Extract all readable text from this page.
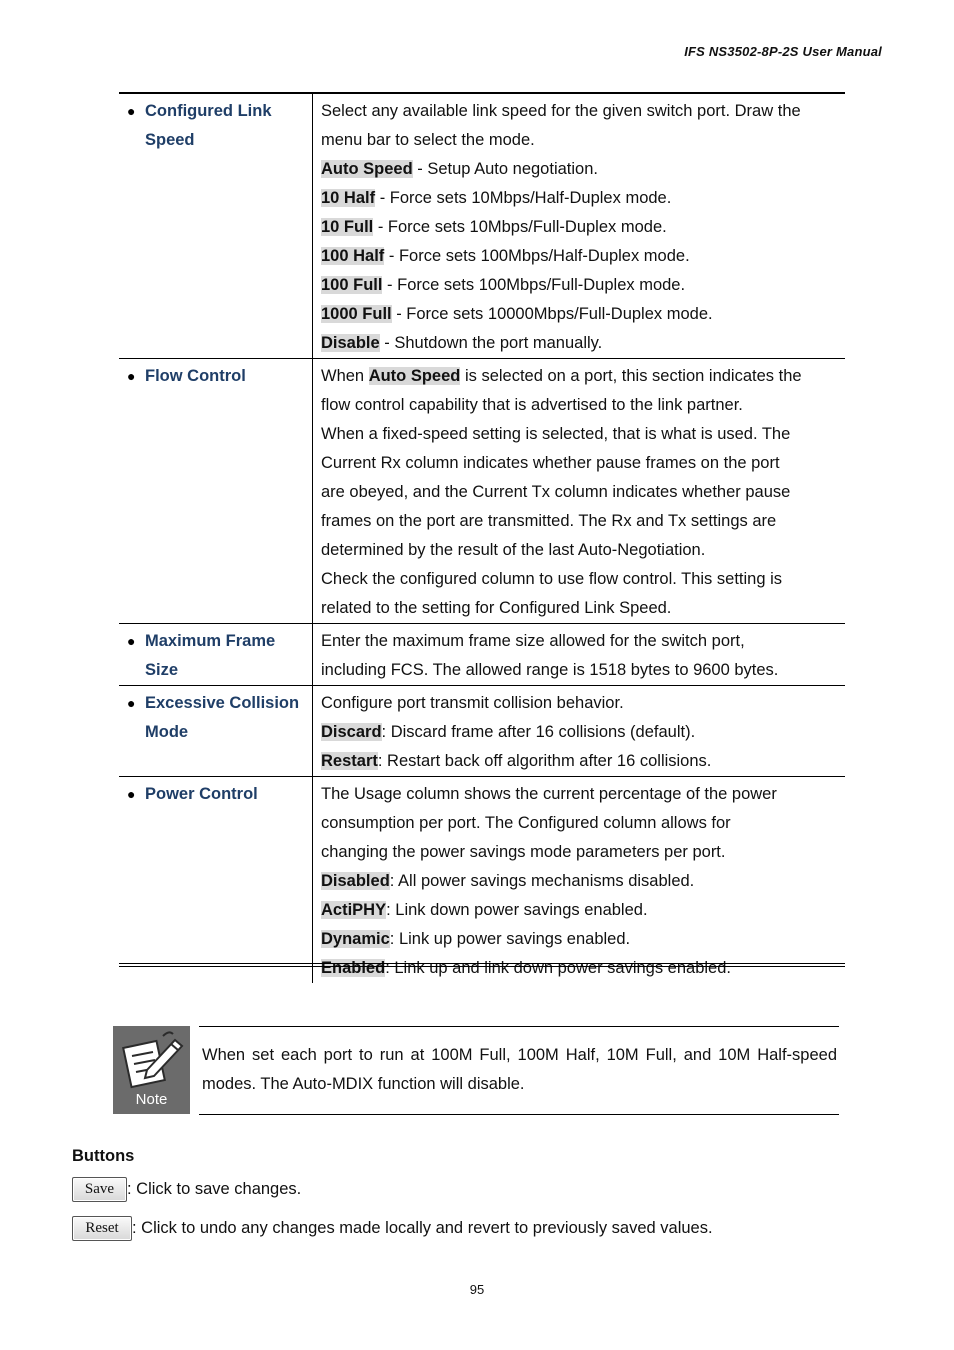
IFS NS3502-8P-2S User Manual
● Configured Link
Speed
Select any available link speed for the given switch port. Draw the
menu bar to select the mode.
Auto Speed - Setup Auto negotiation.
10 Half - Force sets 10Mbps/Half-Duplex mode.
10 Full - Force sets 10Mbps/Full-Duplex mode.
100 Half - Force sets 100Mbps/Half-Duplex mode.
100 Full - Force sets 100Mbps/Full-Duplex mode.
1000 Full - Force sets 10000Mbps/Full-Duplex mode.
Disable - Shutdown the port manually.
● Flow Control	When Auto Speed is selected on a port, this section indicates the
flow control capability that is advertised to the link partner.
When a fixed-speed setting is selected, that is what is used. The
Current Rx column indicates whether pause frames on the port
are obeyed, and the Current Tx column indicates whether pause
frames on the port are transmitted. The Rx and Tx settings are
determined by the result of the last Auto-Negotiation.
Check the configured column to use flow control. This setting is
related to the setting for Configured Link Speed.
● Maximum Frame
Size
Enter the maximum frame size allowed for the switch port,
including FCS. The allowed range is 1518 bytes to 9600 bytes.
● Excessive Collision
Mode
Configure port transmit collision behavior.
Discard: Discard frame after 16 collisions (default).
Restart: Restart back off algorithm after 16 collisions.
● Power Control	The Usage column shows the current percentage of the power
consumption per port. The Configured column allows for
changing the power savings mode parameters per port.
Disabled: All power savings mechanisms disabled.
ActiPHY: Link down power savings enabled.
Dynamic: Link up power savings enabled.
Enabled: Link up and link down power savings enabled.
Note
When set each port to run at 100M Full, 100M Half, 10M Full, and 10M Half-speed modes. The Auto-MDIX function will disable.
Buttons
Save : Click to save changes.
Reset : Click to undo any changes made locally and revert to previously saved values.
95
